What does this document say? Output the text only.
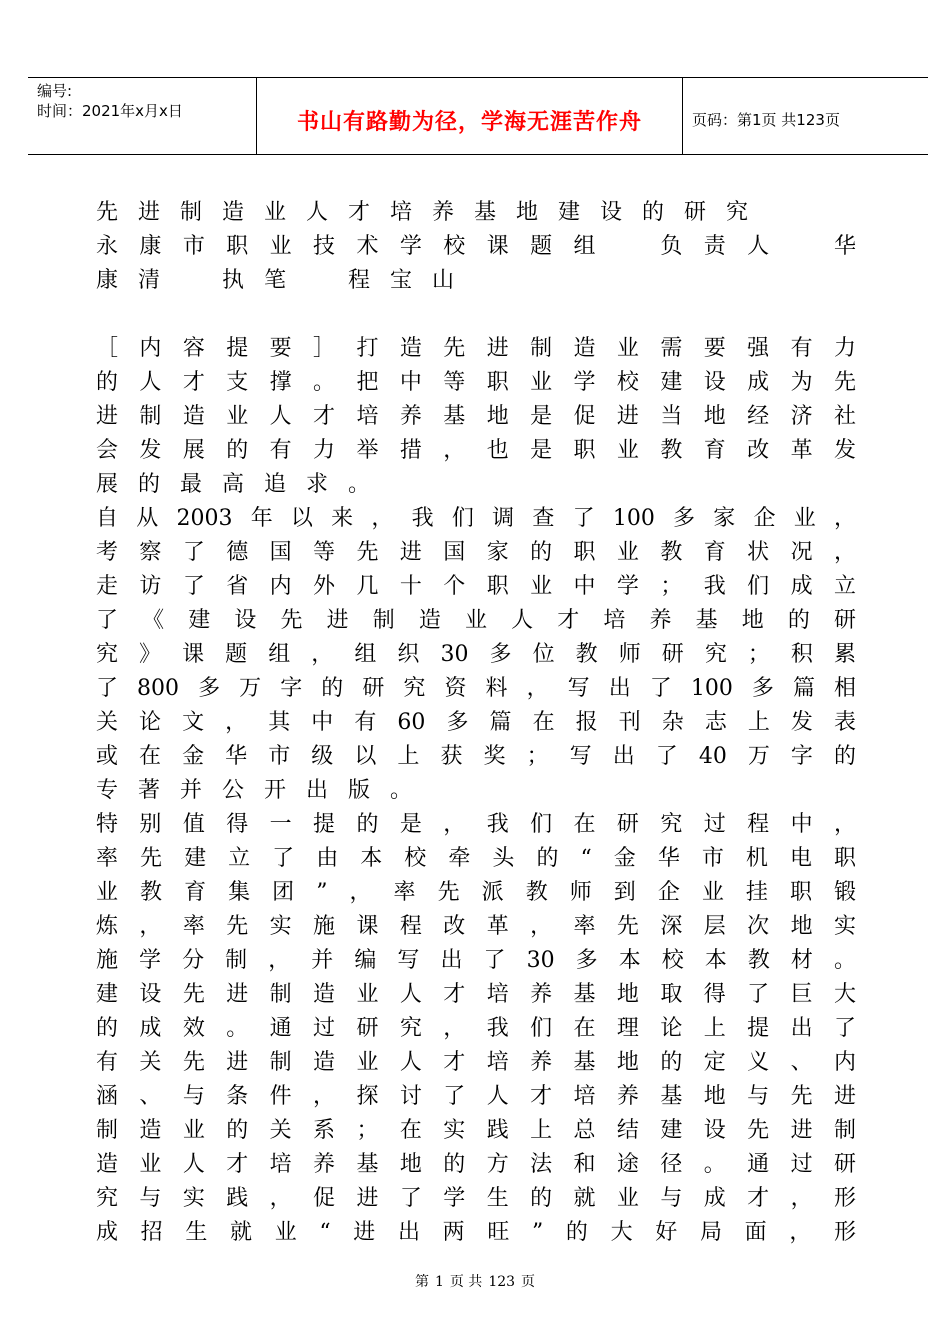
编号:
时间：2021年x月x日	书山有路勤为径，学海无涯苦作舟	页码：第1页 共123页
先进制造业人才培养基地建设的研究
永康市职业技术学校课题组　负责人　华
康清　执笔　程宝山
［内容提要］打造先进制造业需要强有力
的人才支撑。把中等职业学校建设成为先
进制造业人才培养基地是促进当地经济社
会发展的有力举措，也是职业教育改革发
展的最高追求。
自从2003年以来，我们调查了100多家企业，
考察了德国等先进国家的职业教育状况，
走访了省内外几十个职业中学；我们成立
了《建设先进制造业人才培养基地的研
究》课题组，组织30多位教师研究；积累
了800多万字的研究资料，写出了100多篇相
关论文，其中有60多篇在报刊杂志上发表
或在金华市级以上获奖；写出了40万字的
专著并公开出版。
特别值得一提的是，我们在研究过程中，
率先建立了由本校牵头的“金华市机电职
业教育集团”，率先派教师到企业挂职锻
炼，率先实施课程改革，率先深层次地实
施学分制，并编写出了30多本校本教材。
建设先进制造业人才培养基地取得了巨大
的成效。通过研究，我们在理论上提出了
有关先进制造业人才培养基地的定义、内
涵、与条件，探讨了人才培养基地与先进
制造业的关系；在实践上总结建设先进制
造业人才培养基地的方法和途径。通过研
究与实践，促进了学生的就业与成才，形
成招生就业“进出两旺”的大好局面，形
第 1 页 共 123 页
